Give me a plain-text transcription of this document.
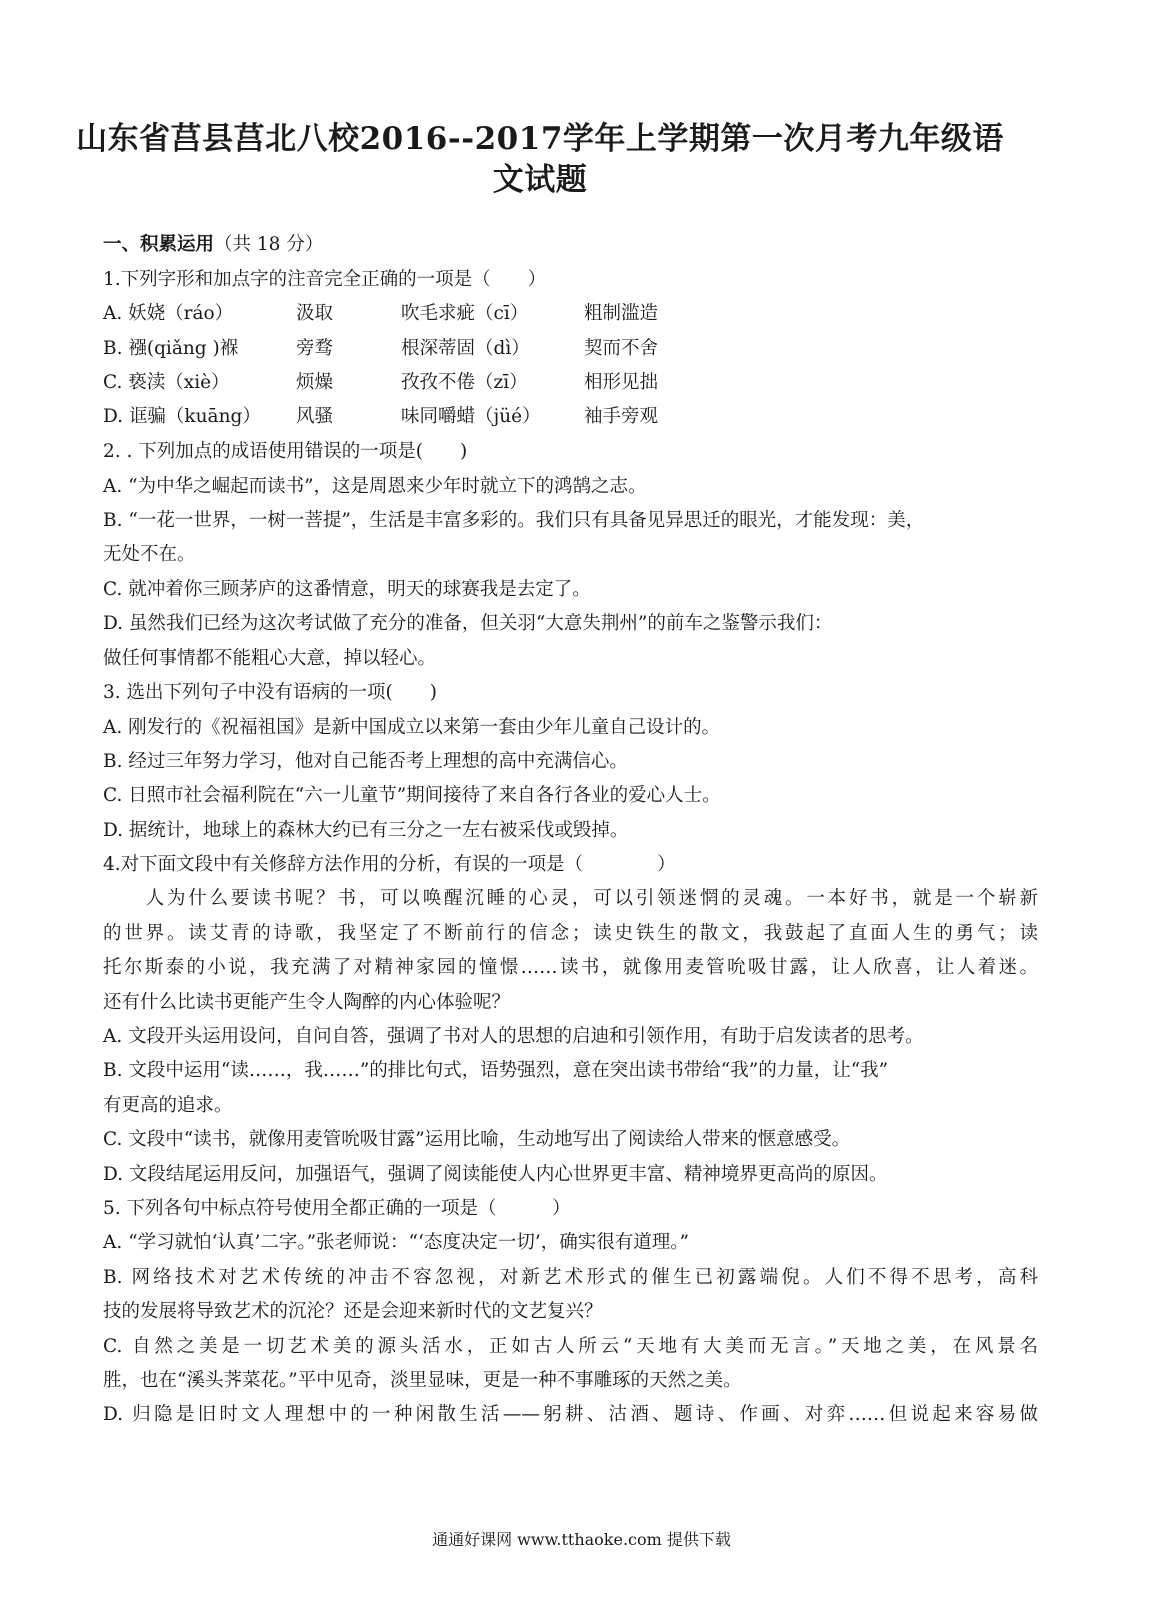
山东省莒县莒北八校2016--2017学年上学期第一次月考九年级语
文试题
一、积累运用（共 18 分）
1.下列字形和加点字的注音完全正确的一项是（　　）
A. 妖娆（ráo）	汲取	吹毛求疵（cī）	粗制滥造
B. 襁(qiǎng )褓	旁骛	根深蒂固（dì）	契而不舍
C. 亵渎（xiè）	烦燥	孜孜不倦（zī）	相形见拙
D. 诓骗（kuāng） 风骚	味同嚼蜡（jüé） 袖手旁观
2. . 下列加点的成语使用错误的一项是(　　)
A. “为中华之崛起而读书”，这是周恩来少年时就立下的鸿鹄之志。
B. “一花一世界，一树一菩提”，生活是丰富多彩的。我们只有具备见异思迁的眼光，才能发现：美，
无处不在。
C. 就冲着你三顾茅庐的这番情意，明天的球赛我是去定了。
D. 虽然我们已经为这次考试做了充分的准备，但关羽“大意失荆州”的前车之鉴警示我们：
做任何事情都不能粗心大意，掉以轻心。
3. 选出下列句子中没有语病的一项(　　)
A. 刚发行的《祝福祖国》是新中国成立以来第一套由少年儿童自己设计的。
B. 经过三年努力学习，他对自己能否考上理想的高中充满信心。
C. 日照市社会福利院在“六一儿童节”期间接待了来自各行各业的爱心人士。
D. 据统计，地球上的森林大约已有三分之一左右被采伐或毁掉。
4.对下面文段中有关修辞方法作用的分析，有误的一项是（　　　　）
　　人为什么要读书呢？书，可以唤醒沉睡的心灵，可以引领迷惘的灵魂。一本好书，就是一个崭新
的世界。读艾青的诗歌，我坚定了不断前行的信念；读史铁生的散文，我鼓起了直面人生的勇气；读
托尔斯泰的小说，我充满了对精神家园的憧憬……读书，就像用麦管吮吸甘露，让人欣喜，让人着迷。
还有什么比读书更能产生令人陶醉的内心体验呢？
A. 文段开头运用设问，自问自答，强调了书对人的思想的启迪和引领作用，有助于启发读者的思考。
B. 文段中运用“读……，我……”的排比句式，语势强烈，意在突出读书带给“我”的力量，让“我”
有更高的追求。
C. 文段中“读书，就像用麦管吮吸甘露”运用比喻，生动地写出了阅读给人带来的惬意感受。
D. 文段结尾运用反问，加强语气，强调了阅读能使人内心世界更丰富、精神境界更高尚的原因。
5. 下列各句中标点符号使用全都正确的一项是（　　　）
A. “学习就怕‘认真’二字。”张老师说：“‘态度决定一切’，确实很有道理。”
B. 网络技术对艺术传统的冲击不容忽视，对新艺术形式的催生已初露端倪。人们不得不思考，高科
技的发展将导致艺术的沉沦？还是会迎来新时代的文艺复兴？
C. 自然之美是一切艺术美的源头活水，正如古人所云“天地有大美而无言。”天地之美，在风景名
胜，也在“溪头荠菜花。”平中见奇，淡里显味，更是一种不事雕琢的天然之美。
D. 归隐是旧时文人理想中的一种闲散生活——躬耕、沽酒、题诗、作画、对弈……但说起来容易做
通通好课网 www.tthaoke.com 提供下载
